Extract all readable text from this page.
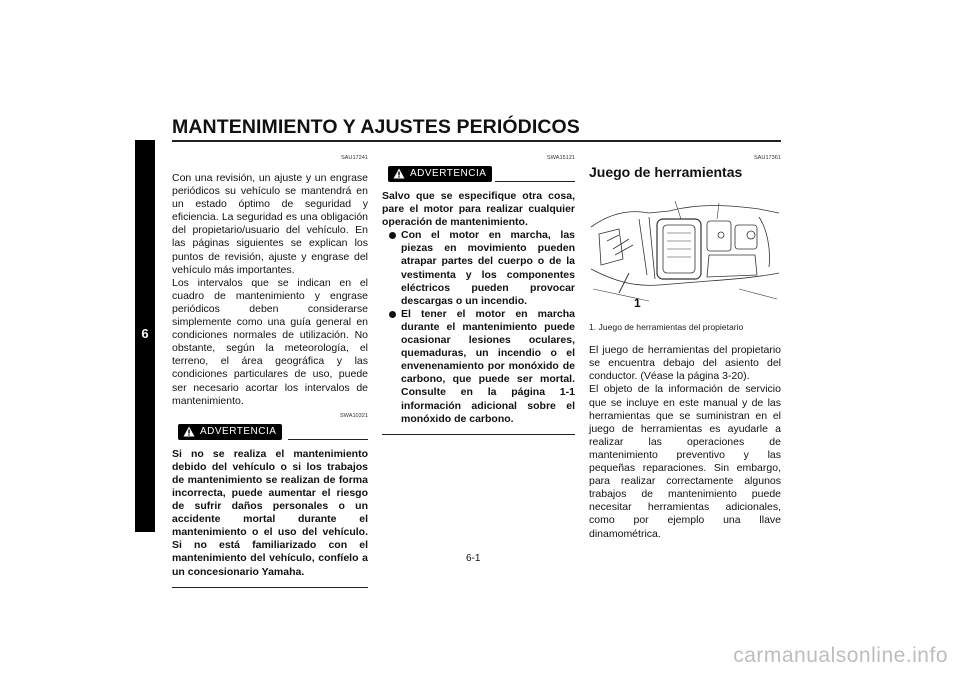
MANTENIMIENTO Y AJUSTES PERIÓDICOS
6
SAU17241

Con una revisión, un ajuste y un engrase periódicos su vehículo se mantendrá en un estado óptimo de seguridad y eficiencia. La seguridad es una obligación del propietario/usuario del vehículo. En las páginas siguientes se explican los puntos de revisión, ajuste y engrase del vehículo más importantes.

Los intervalos que se indican en el cuadro de mantenimiento y engrase periódicos deben considerarse simplemente como una guía general en condiciones normales de utilización. No obstante, según la meteorología, el terreno, el área geográfica y las condiciones particulares de uso, puede ser necesario acortar los intervalos de mantenimiento.

SWA10321
ADVERTENCIA
Si no se realiza el mantenimiento debido del vehículo o si los trabajos de mantenimiento se realizan de forma incorrecta, puede aumentar el riesgo de sufrir daños personales o un accidente mortal durante el mantenimiento o el uso del vehículo. Si no está familiarizado con el mantenimiento del vehículo, confíelo a un concesionario Yamaha.
SWA15121
ADVERTENCIA
Salvo que se especifique otra cosa, pare el motor para realizar cualquier operación de mantenimiento.
Con el motor en marcha, las piezas en movimiento pueden atrapar partes del cuerpo o de la vestimenta y los componentes eléctricos pueden provocar descargas o un incendio.
El tener el motor en marcha durante el mantenimiento puede ocasionar lesiones oculares, quemaduras, un incendio o el envenenamiento por monóxido de carbono, que puede ser mortal. Consulte en la página 1-1 información adicional sobre el monóxido de carbono.
SAU17361
Juego de herramientas
1
1. Juego de herramientas del propietario

El juego de herramientas del propietario se encuentra debajo del asiento del conductor. (Véase la página 3-20).

El objeto de la información de servicio que se incluye en este manual y de las herramientas que se suministran en el juego de herramientas es ayudarle a realizar las operaciones de mantenimiento preventivo y las pequeñas reparaciones. Sin embargo, para realizar correctamente algunos trabajos de mantenimiento puede necesitar herramientas adicionales, como por ejemplo una llave dinamométrica.

6-1
carmanualsonline.info
